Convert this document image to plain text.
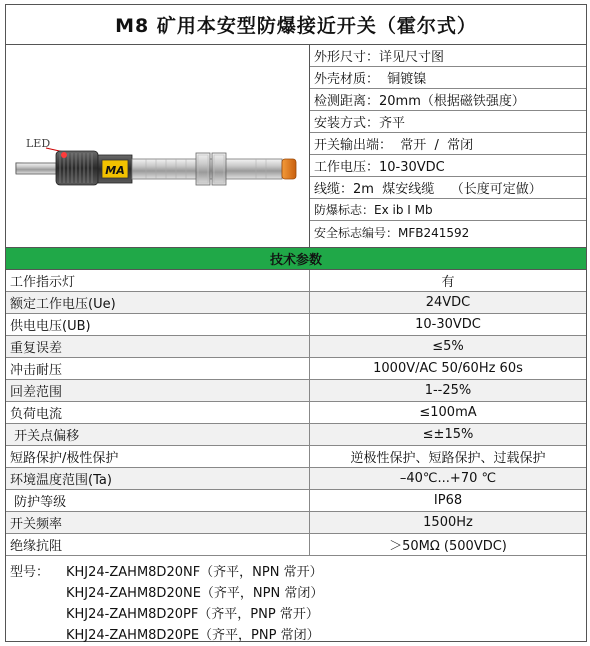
M8 矿用本安型防爆接近开关（霍尔式）
LED
MA
外形尺寸：详见尺寸图
外壳材质：  铜镀镍
检测距离：20mm（根据磁铁强度）
安装方式：齐平
开关输出端：  常开  /  常闭
工作电压：10-30VDC
线缆：2m  煤安线缆    （长度可定做）
防爆标志：Ex ib I Mb
安全标志编号：MFB241592
技术参数
工作指示灯	有
额定工作电压(Ue)	24VDC
供电电压(UB)	10-30VDC
重复误差	≤5%
冲击耐压	1000V/AC 50/60Hz 60s
回差范围	1--25%
负荷电流	≤100mA
开关点偏移	≤±15%
短路保护/极性保护	逆极性保护、短路保护、过载保护
环境温度范围(Ta)	–40℃...+70 ℃
防护等级	IP68
开关频率	1500Hz
绝缘抗阻	＞50MΩ (500VDC)
型号：	KHJ24-ZAHM8D20NF（齐平，NPN 常开）
KHJ24-ZAHM8D20NE（齐平，NPN 常闭）
KHJ24-ZAHM8D20PF（齐平，PNP 常开）
KHJ24-ZAHM8D20PE（齐平，PNP 常闭）
